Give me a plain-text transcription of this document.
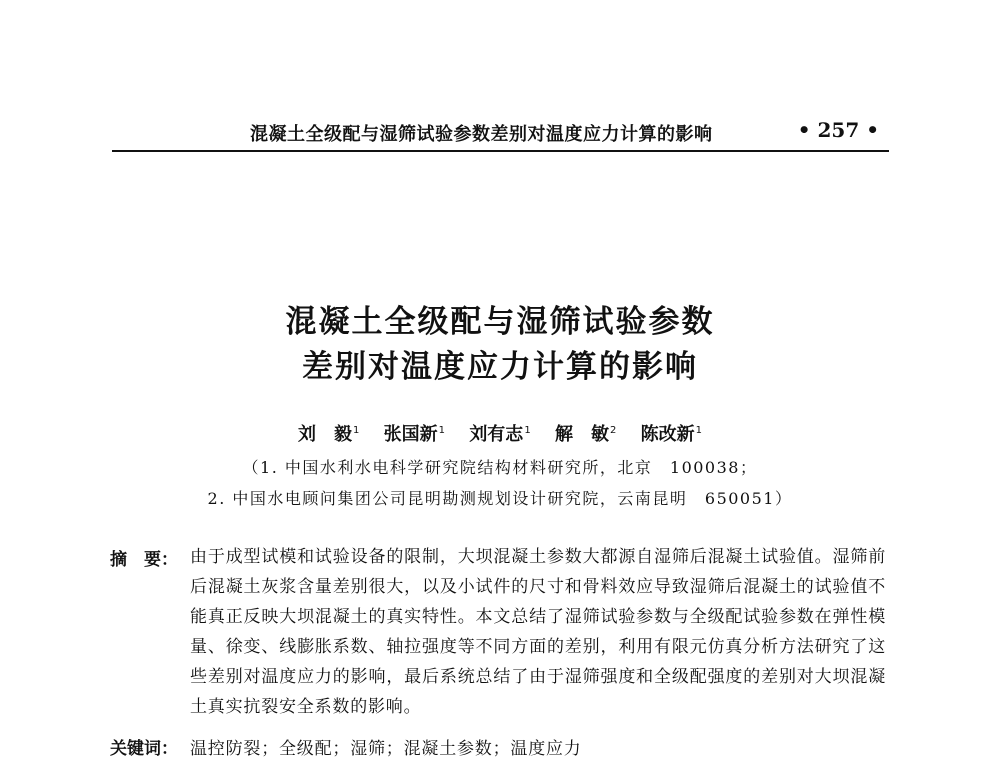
混凝土全级配与湿筛试验参数差别对温度应力计算的影响	• 257 •
混凝土全级配与湿筛试验参数
差别对温度应力计算的影响
刘　毅$^1$ 张国新$^1$ 刘有志$^1$ 解　敏$^2$ 陈改新$^1$
（1. 中国水利水电科学研究院结构材料研究所，北京　100038；
2. 中国水电顾问集团公司昆明勘测规划设计研究院，云南昆明　650051）
摘　要： 由于成型试模和试验设备的限制，大坝混凝土参数大都源自湿筛后混凝土试验值。湿筛前后混凝土灰浆含量差别很大，以及小试件的尺寸和骨料效应导致湿筛后混凝土的试验值不能真正反映大坝混凝土的真实特性。本文总结了湿筛试验参数与全级配试验参数在弹性模量、徐变、线膨胀系数、轴拉强度等不同方面的差别，利用有限元仿真分析方法研究了这些差别对温度应力的影响，最后系统总结了由于湿筛强度和全级配强度的差别对大坝混凝土真实抗裂安全系数的影响。
关键词： 温控防裂；全级配；湿筛；混凝土参数；温度应力
